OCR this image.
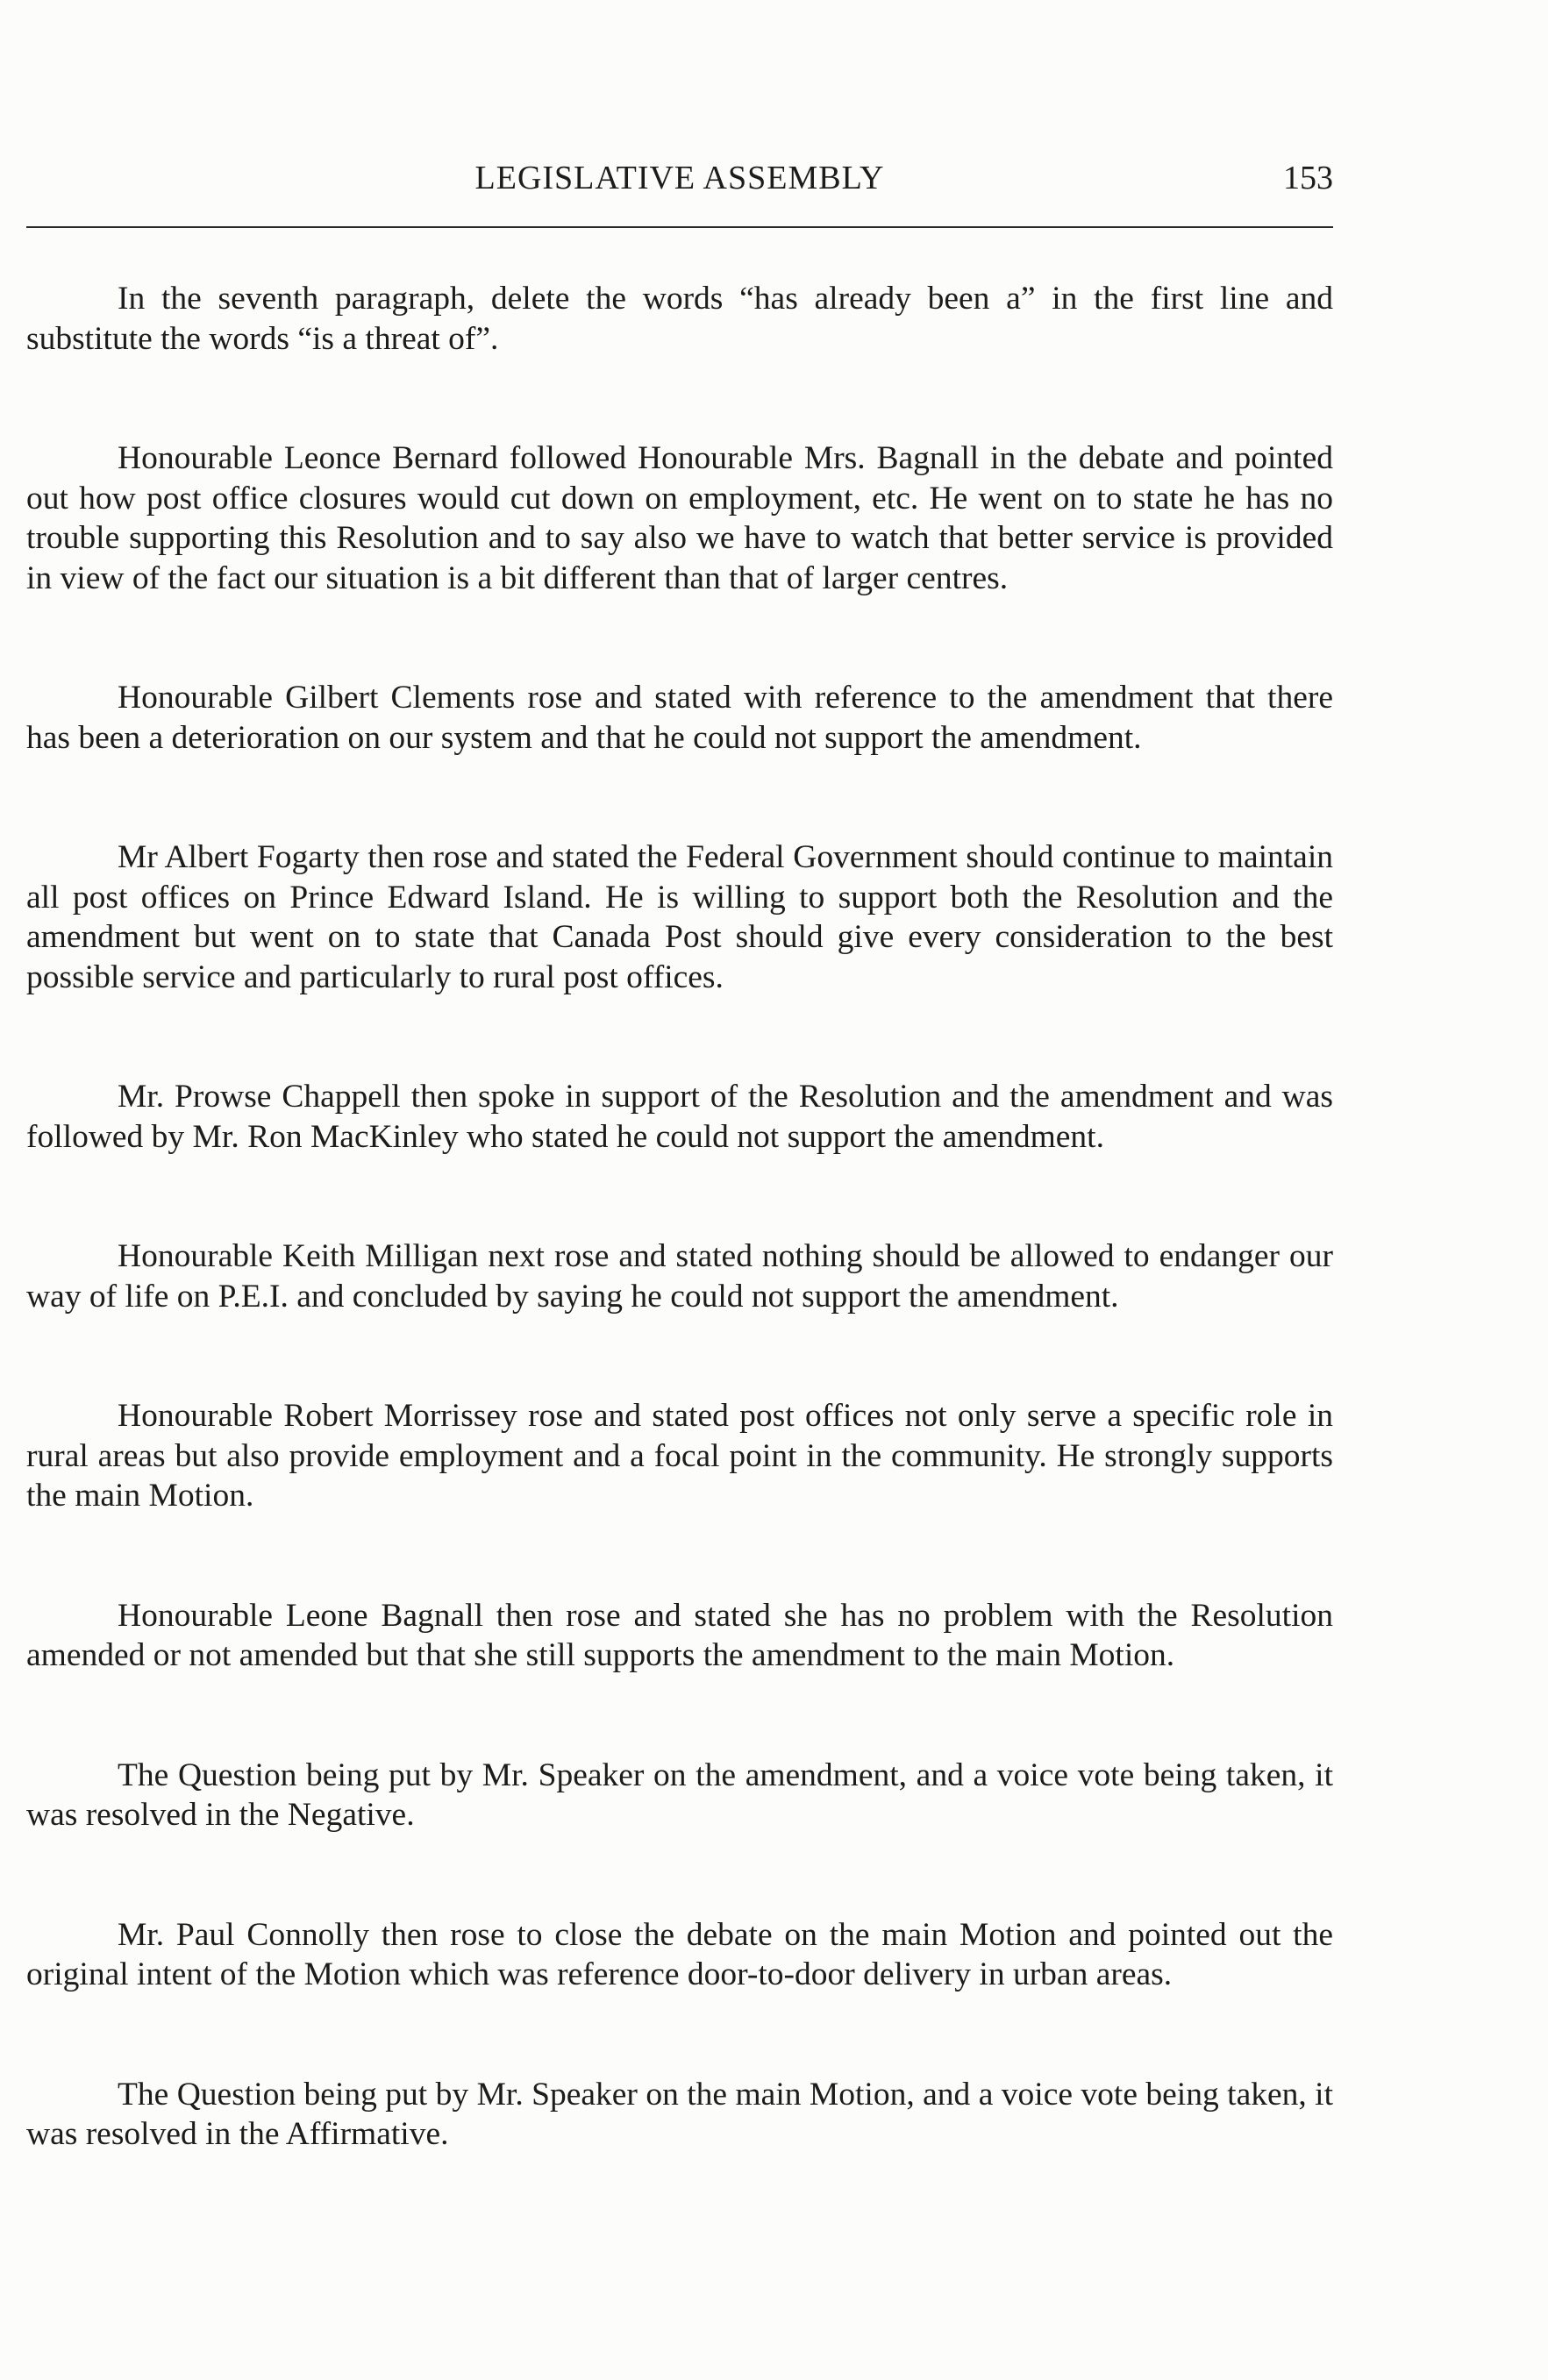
LEGISLATIVE ASSEMBLY	153

In the seventh paragraph, delete the words “has already been a” in the first line and substitute the words “is a threat of”.

Honourable Leonce Bernard followed Honourable Mrs. Bagnall in the debate and pointed out how post office closures would cut down on employment, etc. He went on to state he has no trouble supporting this Resolution and to say also we have to watch that better service is provided in view of the fact our situation is a bit different than that of larger centres.

Honourable Gilbert Clements rose and stated with reference to the amendment that there has been a deterioration on our system and that he could not support the amendment.

Mr Albert Fogarty then rose and stated the Federal Government should continue to maintain all post offices on Prince Edward Island. He is willing to support both the Resolution and the amendment but went on to state that Canada Post should give every consideration to the best possible service and particularly to rural post offices.

Mr. Prowse Chappell then spoke in support of the Resolution and the amendment and was followed by Mr. Ron MacKinley who stated he could not support the amendment.

Honourable Keith Milligan next rose and stated nothing should be allowed to endanger our way of life on P.E.I. and concluded by saying he could not support the amendment.

Honourable Robert Morrissey rose and stated post offices not only serve a specific role in rural areas but also provide employment and a focal point in the community. He strongly supports the main Motion.

Honourable Leone Bagnall then rose and stated she has no problem with the Resolution amended or not amended but that she still supports the amendment to the main Motion.

The Question being put by Mr. Speaker on the amendment, and a voice vote being taken, it was resolved in the Negative.

Mr. Paul Connolly then rose to close the debate on the main Motion and pointed out the original intent of the Motion which was reference door-to-door delivery in urban areas.

The Question being put by Mr. Speaker on the main Motion, and a voice vote being taken, it was resolved in the Affirmative.
